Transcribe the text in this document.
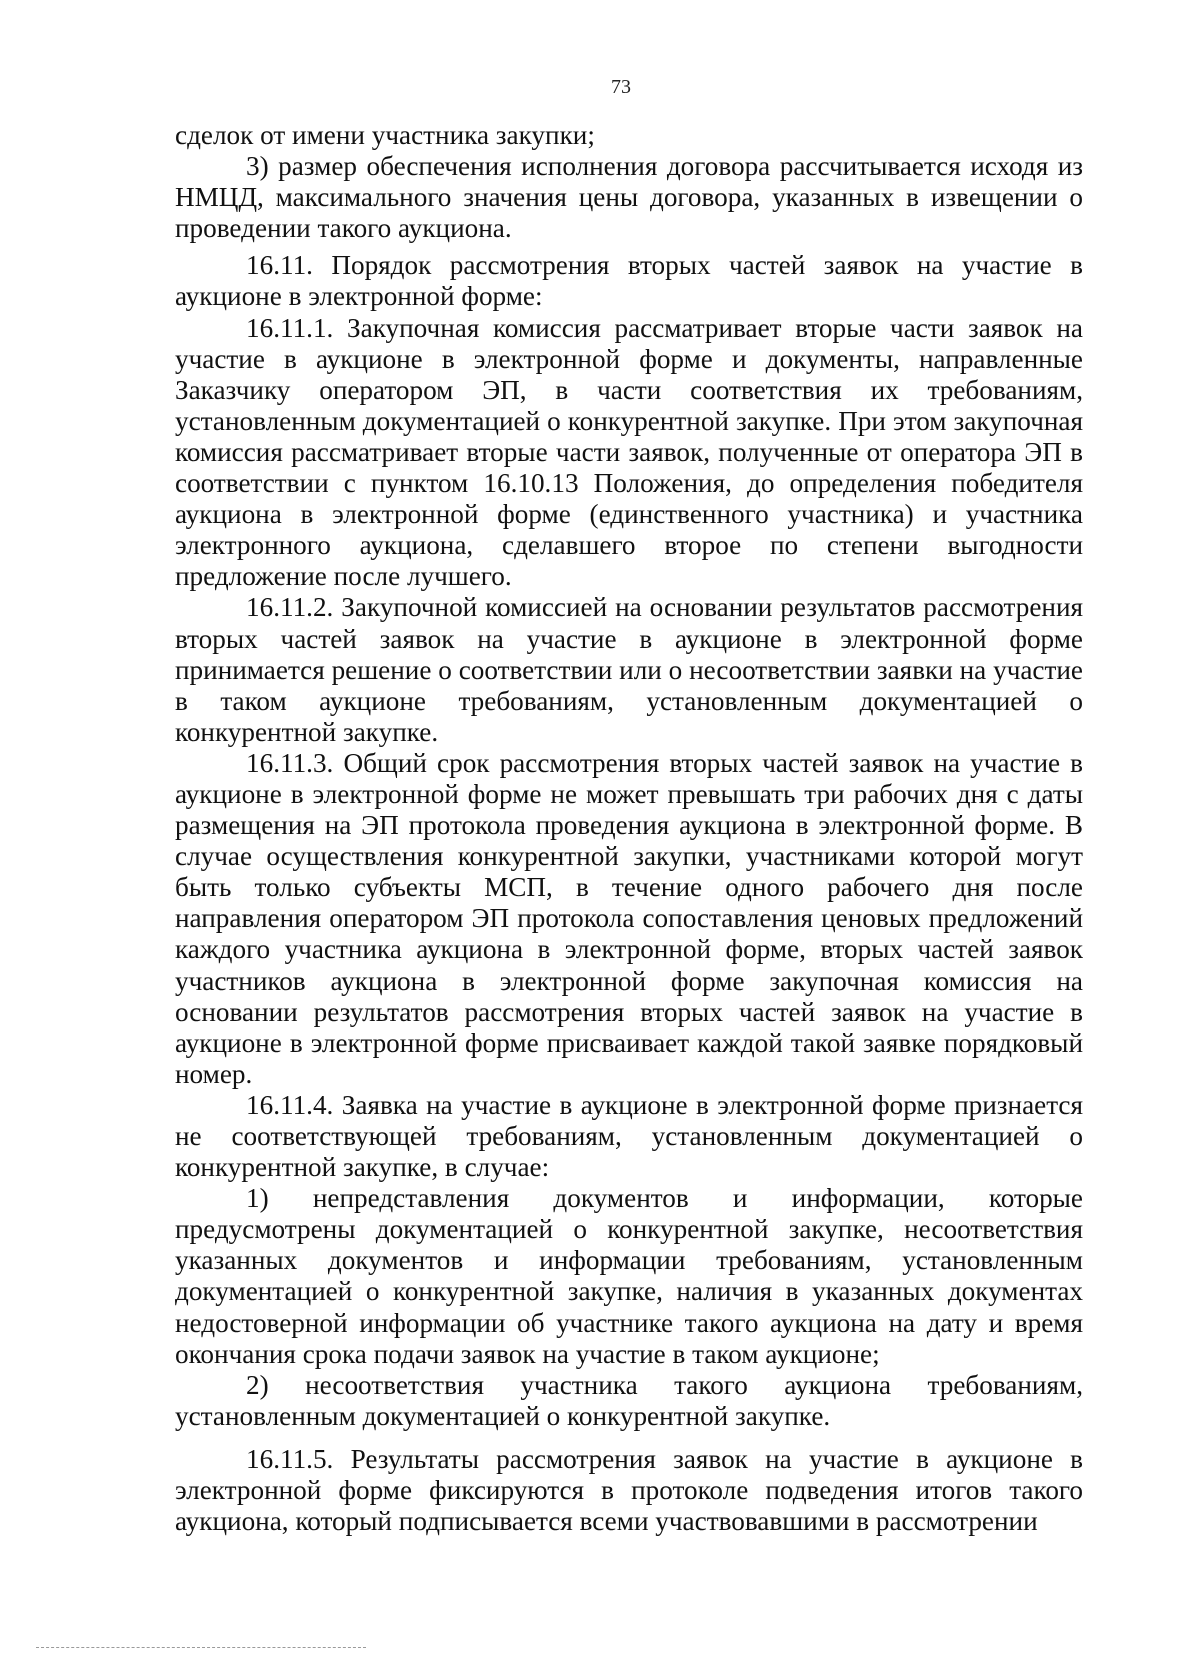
73

сделок от имени участника закупки;

3) размер обеспечения исполнения договора рассчитывается исходя из НМЦД, максимального значения цены договора, указанных в извещении о проведении такого аукциона.

16.11. Порядок рассмотрения вторых частей заявок на участие в аукционе в электронной форме:

16.11.1. Закупочная комиссия рассматривает вторые части заявок на участие в аукционе в электронной форме и документы, направленные Заказчику оператором ЭП, в части соответствия их требованиям, установленным документацией о конкурентной закупке. При этом закупочная комиссия рассматривает вторые части заявок, полученные от оператора ЭП в соответствии с пунктом 16.10.13 Положения, до определения победителя аукциона в электронной форме (единственного участника) и участника электронного аукциона, сделавшего второе по степени выгодности предложение после лучшего.

16.11.2. Закупочной комиссией на основании результатов рассмотрения вторых частей заявок на участие в аукционе в электронной форме принимается решение о соответствии или о несоответствии заявки на участие в таком аукционе требованиям, установленным документацией о конкурентной закупке.

16.11.3. Общий срок рассмотрения вторых частей заявок на участие в аукционе в электронной форме не может превышать три рабочих дня с даты размещения на ЭП протокола проведения аукциона в электронной форме. В случае осуществления конкурентной закупки, участниками которой могут быть только субъекты МСП, в течение одного рабочего дня после направления оператором ЭП протокола сопоставления ценовых предложений каждого участника аукциона в электронной форме, вторых частей заявок участников аукциона в электронной форме закупочная комиссия на основании результатов рассмотрения вторых частей заявок на участие в аукционе в электронной форме присваивает каждой такой заявке порядковый номер.

16.11.4. Заявка на участие в аукционе в электронной форме признается не соответствующей требованиям, установленным документацией о конкурентной закупке, в случае:

1) непредставления документов и информации, которые предусмотрены документацией о конкурентной закупке, несоответствия указанных документов и информации требованиям, установленным документацией о конкурентной закупке, наличия в указанных документах недостоверной информации об участнике такого аукциона на дату и время окончания срока подачи заявок на участие в таком аукционе;

2) несоответствия участника такого аукциона требованиям, установленным документацией о конкурентной закупке.

16.11.5. Результаты рассмотрения заявок на участие в аукционе в электронной форме фиксируются в протоколе подведения итогов такого аукциона, который подписывается всеми участвовавшими в рассмотрении
